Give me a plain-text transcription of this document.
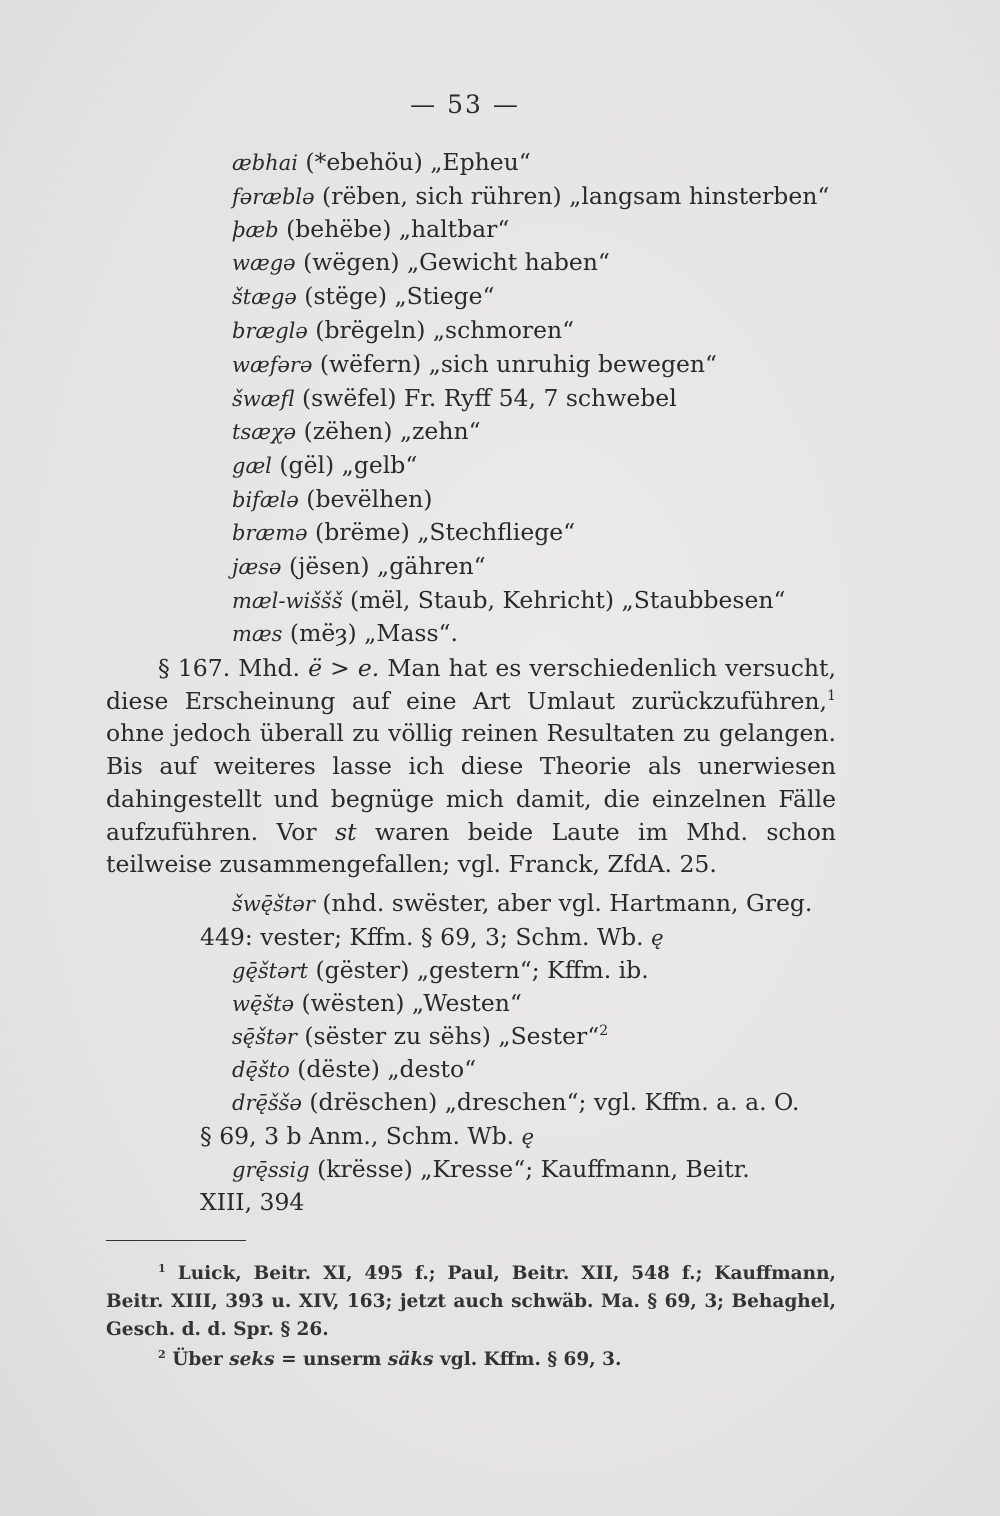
— 53 —
æbhai (*ebehöu) „Epheu“
fəræblə (rëben, sich rühren) „langsam hinsterben“
þæb (behëbe) „haltbar“
wægə (wëgen) „Gewicht haben“
štægə (stëge) „Stiege“
bræglə (brëgeln) „schmoren“
wæfərə (wëfern) „sich unruhig bewegen“
šwæfl (swëfel) Fr. Ryff 54, 7 schwebel
tsæχə (zëhen) „zehn“
gæl (gël) „gelb“
bifælə (bevëlhen)
bræmə (brëme) „Stechfliege“
jæsə (jësen) „gähren“
mæl-wiššš (mël, Staub, Kehricht) „Staubbesen“
mæs (mëȝ) „Mass“.
§ 167. Mhd. ë > e. Man hat es verschiedenlich versucht, diese Erscheinung auf eine Art Umlaut zurückzuführen,$^1$ ohne jedoch überall zu völlig reinen Resultaten zu gelangen. Bis auf weiteres lasse ich diese Theorie als unerwiesen dahingestellt und begnüge mich damit, die einzelnen Fälle aufzuführen. Vor st waren beide Laute im Mhd. schon teilweise zusammengefallen; vgl. Franck, ZfdA. 25.
šwę̄štər (nhd. swëster, aber vgl. Hartmann, Greg.
449: vester; Kffm. § 69, 3; Schm. Wb. ę
gę̄štərt (gëster) „gestern“; Kffm. ib.
wę̄štə (wësten) „Westen“
sę̄štər (sëster zu sëhs) „Sester“$^2$
dę̄što (dëste) „desto“
drę̄ššə (drëschen) „dreschen“; vgl. Kffm. a. a. O.
§ 69, 3 b Anm., Schm. Wb. ę
grę̄ssig (krësse) „Kresse“; Kauffmann, Beitr.
XIII, 394
$^1$ Luick, Beitr. XI, 495 f.; Paul, Beitr. XII, 548 f.; Kauffmann, Beitr. XIII, 393 u. XIV, 163; jetzt auch schwäb. Ma. § 69, 3; Behaghel, Gesch. d. d. Spr. § 26.
$^2$ Über seks = unserm säks vgl. Kffm. § 69, 3.
